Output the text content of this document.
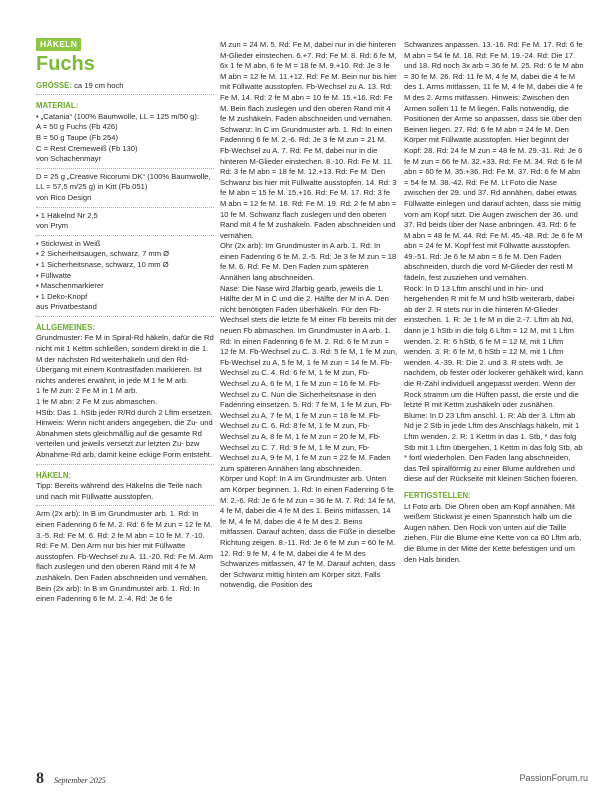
HÄKELN
Fuchs

GRÖSSE: ca 19 cm hoch

MATERIAL:

• „Catania“ (100% Baumwolle, LL = 125 m/50 g):

A = 50 g Fuchs (Fb 426)

B = 50 g Taupe (Fb 254)

C = Rest Cremeweiß (Fb 130)

von Schachenmayr

D = 25 g „Creative Ricorumi DK“ (100% Baumwolle, LL = 57,5 m/25 g) in Kitt (Fb 051)

von Rico Design

• 1 Häkelnd Nr 2,5

von Prym

• Stickrwist in Weiß

• 2 Sicherheitsaugen, schwarz, 7 mm Ø

• 1 Sicherheitsnase, schwarz, 10 mm Ø

• Füllwatte

• Maschenmarkierer

• 1 Deko-Knopf

aus Privatbestand

ALLGEMEINES:

Grundmuster: Fe M in Spiral-Rd häkeln, dafür die Rd nicht mit 1 Kettm schließen, sondern direkt in die 1. M der nächsten Rd weiterhäkeln und den Rd-Übergang mit einem Kontrastfaden markieren. Ist nichts anderes erwähnt, in jede M 1 fe M arb.

1 fe M zun: 2 Fe M in 1 M arb.

1 fe M abn: 2 Fe M zus abmaschen.

HStb: Das 1. hStb jeder R/Rd durch 2 Lftm ersetzen.

Hinweis: Wenn nicht anders angegeben, die Zu- und Abnahmen stets gleichmäßig auf die gesamte Rd verteilen und jeweils versetzt zur letzten Zu- bzw Abnahme-Rd arb, damit keine eckige Form entsteht.

HÄKELN:

Tipp: Bereits während des Häkelns die Teile nach und nach mit Füllwatte ausstopfen.

Arm (2x arb): In B im Grundmuster arb. 1. Rd: In einen Fadenring 6 fe M. 2. Rd: 6 fe M zun = 12 fe M. 3.-5. Rd: Fe M. 6. Rd: 2 fe M abn = 10 fe M. 7.-10. Rd: Fe M. Den Arm nur bis hier mit Füllwatte ausstopfen. Fb-Wechsel zu A. 11.-20. Rd: Fe M. Arm flach zuslegen und den oberen Rand mit 4 fe M zushäkeln. Den Faden abschneiden und vernähen.

Bein (2x arb): In B im Grundmuster arb. 1. Rd: In einen Fadenring 6 fe M. 2.-4. Rd: Je 6 fe

M zun = 24 M. 5. Rd: Fe M, dabei nur in die hinteren M-Glieder einstechen. 6.+7. Rd: Fe M. 8. Rd: 6 fe M, 6x 1 fe M abn, 6 fe M = 18 fe M. 9.+10. Rd: Je 3 fe M abn = 12 fe M. 11.+12. Rd: Fe M. Bein nur bis hier mit Füllwatte ausstopfen. Fb-Wechsel zu A. 13. Rd: Fe M. 14. Rd: 2 fe M abn = 10 fe M. 15.+16. Rd: Fe M. Bein flach zuslegen und den oberen Rand mit 4 fe M zushäkeln. Faden abschneiden und vernähen.

Schwanz: In C im Grundmuster arb. 1. Rd: In einen Fadenring 6 fe M. 2.-6. Rd: Je 3 fe M zun = 21 M. Fb-Wechsel zu A. 7. Rd: Fe M, dabei nur in die hinteren M-Glieder einstechen. 8.-10. Rd: Fe M. 11. Rd: 3 fe M abn = 18 fe M. 12.+13. Rd: Fe M. Den Schwanz bis hier mit Füllwatte ausstopfen. 14. Rd: 3 fe M abn = 15 fe M. 15.+16. Rd: Fe M. 17. Rd: 3 fe M abn = 12 fe M. 18. Rd: Fe M. 19. Rd: 2 fe M abn = 10 fe M. Schwanz flach zuslegen und den oberen Rand mit 4 fe M zushäkeln. Faden abschneiden und vernähen.

Ohr (2x arb): Im Grundmuster in A arb. 1. Rd: In einen Fadenring 6 fe M. 2.-5. Rd: Je 3 fe M zun = 18 fe M. 6. Rd: Fe M. Den Faden zum späteren Annähen lang abschneiden.

Nase: Die Nase wird 2farbig gearb, jeweils die 1. Hälfte der M in C und die 2. Hälfte der M in A. Den nicht benötigten Faden überhäkeln. Für den Fb-Wechsel stets die letzte fe M einer Fb bereits mit der neuen Fb abmaschen. Im Grundmuster in A arb. 1. Rd: In einen Fadenring 6 fe M. 2. Rd: 6 fe M zun = 12 fe M. Fb-Wechsel zu C. 3. Rd: 5 fe M, 1 fe M zun, Fb-Wechsel zu A, 5 fe M, 1 fe M zun = 14 fe M. Fb-Wechsel zu C. 4. Rd: 6 fe M, 1 fe M zun, Fb-Wechsel zu A, 6 fe M, 1 fe M zun = 16 fe M. Fb-Wechsel zu C. Nun die Sicherheitsnase in den Fadenring einsetzen. 5. Rd: 7 fe M, 1 fe M zun, Fb-Wechsel zu A, 7 fe M, 1 fe M zun = 18 fe M. Fb-Wechsel zu C. 6. Rd: 8 fe M, 1 fe M zun, Fb-Wechsel zu A, 8 fe M, 1 fe M zun = 20 fe M, Fb-Wechsel zu C. 7. Rd: 9 fe M, 1 fe M zun, Fb-Wechsel zu A, 9 fe M, 1 fe M zun = 22 fe M. Faden zum späteren Annähen lang abschneiden.

Körper und Kopf: In A im Grundmuster arb. Unten am Körper beginnen. 1. Rd: In einen Fadenring 6 fe M. 2.-6. Rd: Je 6 fe M zun = 36 fe M. 7. Rd: 14 fe M, 4 fe M, dabei die 4 fe M des 1. Beins mitfassen, 14 fe M, 4 fe M, dabei die 4 fe M des 2. Beins mitfassen. Darauf achten, dass die Füße in dieselbe Richtung zeigen. 8.-11. Rd: Je 6 fe M zun = 60 fe M. 12. Rd: 9 fe M, 4 fe M, dabei die 4 fe M des Schwanzes mitfassen, 47 fe M. Darauf achten, dass der Schwanz mittig hinten am Körper sitzt. Falls notwendig, die Position des

Schwanzes anpassen. 13.-16. Rd: Fe M. 17. Rd: 6 fe M abn = 54 fe M. 18. Rd: Fe M. 19.-24. Rd: Die 17. und 18. Rd noch 3x arb = 36 fe M. 25. Rd: 6 fe M abn = 30 fe M. 26. Rd: 11 fe M, 4 fe M, dabei die 4 fe M des 1. Arms mitfassen, 11 fe M, 4 fe M, dabei die 4 fe M des 2. Arms mitfassen. Hinweis: Zwischen den Armen sollen 11 fe M liegen. Falls notwendig, die Positionen der Arme so anpassen, dass sie über den Beinen liegen. 27. Rd: 6 fe M abn = 24 fe M. Den Körper mit Füllwatte ausstopfen. Hier beginnt der Kopf: 28. Rd: 24 fe M zun = 48 fe M. 29.-31. Rd: Je 6 fe M zun = 66 fe M. 32.+33. Rd: Fe M. 34. Rd: 6 fe M abn = 60 fe M. 35.+36. Rd: Fe M. 37. Rd: 6 fe M abn = 54 fe M. 38.-42. Rd: Fe M. Lt Foto die Nase zwischen der 29. und 37. Rd annähen, dabei etwas Füllwatte einlegen und darauf achten, dass sie mittig vorn am Kopf sitzt. Die Augen zwischen der 36. und 37. Rd beids über der Nase anbringen. 43. Rd: 6 fe M abn = 48 fe M. 44. Rd: Fe M. 45.-48. Rd: Je 6 fe M abn = 24 fe M. Kopf fest mit Füllwatte ausstopfen. 49.-51. Rd: Je 6 fe M abn = 6 fe M. Den Faden abschneiden, durch die vord M-Glieder der restl M fädeln, fest zusziehen und vernähen.

Rock: In D 13 Lftm anschl und in hin- und hergehenden R mit fe M und hStb weiterarb, dabei ab der 2. R stets nur in die hinteren M-Glieder einstechen. 1. R: Je 1 fe M in die 2.-7. Lftm ab Nd, dann je 1 hStb in die folg 6 Lftm = 12 M, mit 1 Lftm wenden. 2. R: 6 hStb, 6 fe M = 12 M, mit 1 Lftm wenden. 3. R: 6 fe M, 6 hStb = 12 M, mit 1 Lftm wenden. 4.-39. R: Die 2. und 3. R stets wdh. Je nachdem, ob fester oder lockerer gehäkelt wird, kann die R-Zahl individuell angepasst werden. Wenn der Rock stramm um die Hüften passt, die erste und die letzte R mit Kettm zushäkeln oder zusnähen.

Blume: In D 23 Lftm anschl. 1. R: Ab der 3. Lftm ab Nd je 2 Stb in jede Lftm des Anschlags häkeln, mit 1 Lftm wenden. 2. R: 1 Kettm in das 1. Stb, * das folg Stb mit 1 Lftm übergehen, 1 Kettm in das folg Stb, ab * fortl wiederholen. Den Faden lang abschneiden, das Teil spiralförmig zu einer Blume aufdrehen und diese auf der Rückseite mit kleinen Stichen fixieren.

FERTIGSTELLEN:

Lt Foto arb. Die Ohren oben am Kopf annähen. Mit weißem Stickwist je einen Spannstich halb um die Augen nähen. Den Rock von unten auf die Taille ziehen. Für die Blume eine Kette von ca 80 Lftm arb, die Blume in der Mitte der Kette befestigen und um den Hals binden.

8 September 2025	PassionForum.ru
